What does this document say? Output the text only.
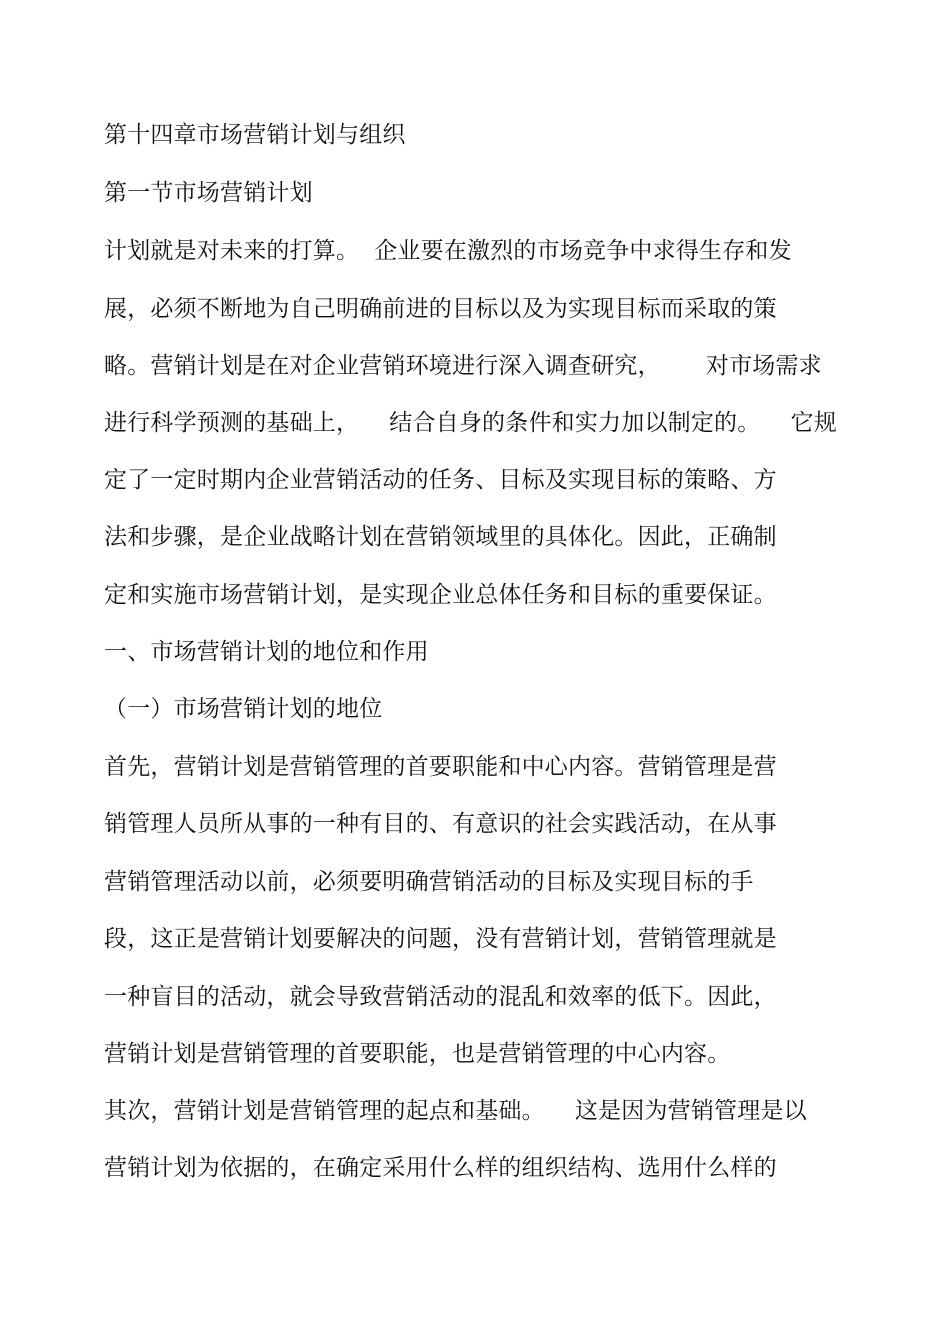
第十四章市场营销计划与组织
第一节市场营销计划
计划就是对未来的打算。  企业要在激烈的市场竞争中求得生存和发
展，必须不断地为自己明确前进的目标以及为实现目标而采取的策
略。营销计划是在对企业营销环境进行深入调查研究，      对市场需求
进行科学预测的基础上，    结合自身的条件和实力加以制定的。    它规
定了一定时期内企业营销活动的任务、目标及实现目标的策略、方
法和步骤，是企业战略计划在营销领域里的具体化。因此，正确制
定和实施市场营销计划，是实现企业总体任务和目标的重要保证。
一、市场营销计划的地位和作用
（一）市场营销计划的地位
首先，营销计划是营销管理的首要职能和中心内容。营销管理是营
销管理人员所从事的一种有目的、有意识的社会实践活动，在从事
营销管理活动以前，必须要明确营销活动的目标及实现目标的手
段，这正是营销计划要解决的问题，没有营销计划，营销管理就是
一种盲目的活动，就会导致营销活动的混乱和效率的低下。因此，
营销计划是营销管理的首要职能，也是营销管理的中心内容。
其次，营销计划是营销管理的起点和基础。    这是因为营销管理是以
营销计划为依据的，在确定采用什么样的组织结构、选用什么样的
